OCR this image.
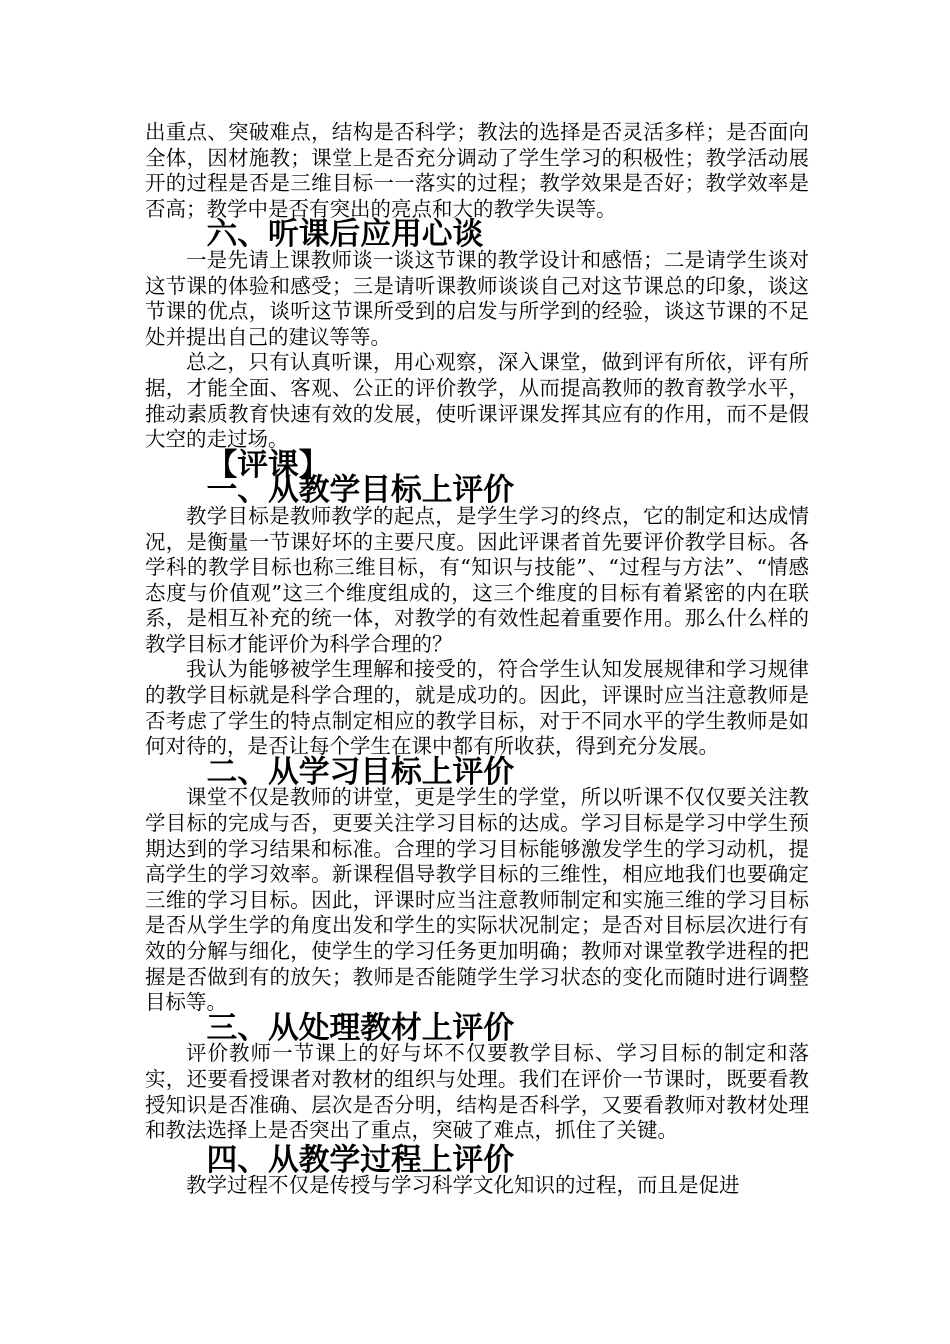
出重点、突破难点，结构是否科学；教法的选择是否灵活多样；是否面向全体，因材施教；课堂上是否充分调动了学生学习的积极性；教学活动展开的过程是否是三维目标一一落实的过程；教学效果是否好；教学效率是否高；教学中是否有突出的亮点和大的教学失误等。

六、听课后应用心谈

一是先请上课教师谈一谈这节课的教学设计和感悟；二是请学生谈对这节课的体验和感受；三是请听课教师谈谈自己对这节课总的印象，谈这节课的优点，谈听这节课所受到的启发与所学到的经验，谈这节课的不足处并提出自己的建议等等。

总之，只有认真听课，用心观察，深入课堂，做到评有所依，评有所据，才能全面、客观、公正的评价教学，从而提高教师的教育教学水平，推动素质教育快速有效的发展，使听课评课发挥其应有的作用，而不是假大空的走过场。

【评课】
一、从教学目标上评价

教学目标是教师教学的起点，是学生学习的终点，它的制定和达成情况，是衡量一节课好坏的主要尺度。因此评课者首先要评价教学目标。各学科的教学目标也称三维目标，有“知识与技能”、“过程与方法”、“情感态度与价值观”这三个维度组成的，这三个维度的目标有着紧密的内在联系，是相互补充的统一体，对教学的有效性起着重要作用。那么什么样的教学目标才能评价为科学合理的？

我认为能够被学生理解和接受的，符合学生认知发展规律和学习规律的教学目标就是科学合理的，就是成功的。因此，评课时应当注意教师是否考虑了学生的特点制定相应的教学目标，对于不同水平的学生教师是如何对待的，是否让每个学生在课中都有所收获，得到充分发展。

二、从学习目标上评价

课堂不仅是教师的讲堂，更是学生的学堂，所以听课不仅仅要关注教学目标的完成与否，更要关注学习目标的达成。学习目标是学习中学生预期达到的学习结果和标准。合理的学习目标能够激发学生的学习动机，提高学生的学习效率。新课程倡导教学目标的三维性，相应地我们也要确定三维的学习目标。因此，评课时应当注意教师制定和实施三维的学习目标是否从学生学的角度出发和学生的实际状况制定；是否对目标层次进行有效的分解与细化，使学生的学习任务更加明确；教师对课堂教学进程的把握是否做到有的放矢；教师是否能随学生学习状态的变化而随时进行调整目标等。

三、从处理教材上评价

评价教师一节课上的好与坏不仅要教学目标、学习目标的制定和落实，还要看授课者对教材的组织与处理。我们在评价一节课时，既要看教授知识是否准确、层次是否分明，结构是否科学，又要看教师对教材处理和教法选择上是否突出了重点，突破了难点，抓住了关键。

四、从教学过程上评价

教学过程不仅是传授与学习科学文化知识的过程，而且是促进
